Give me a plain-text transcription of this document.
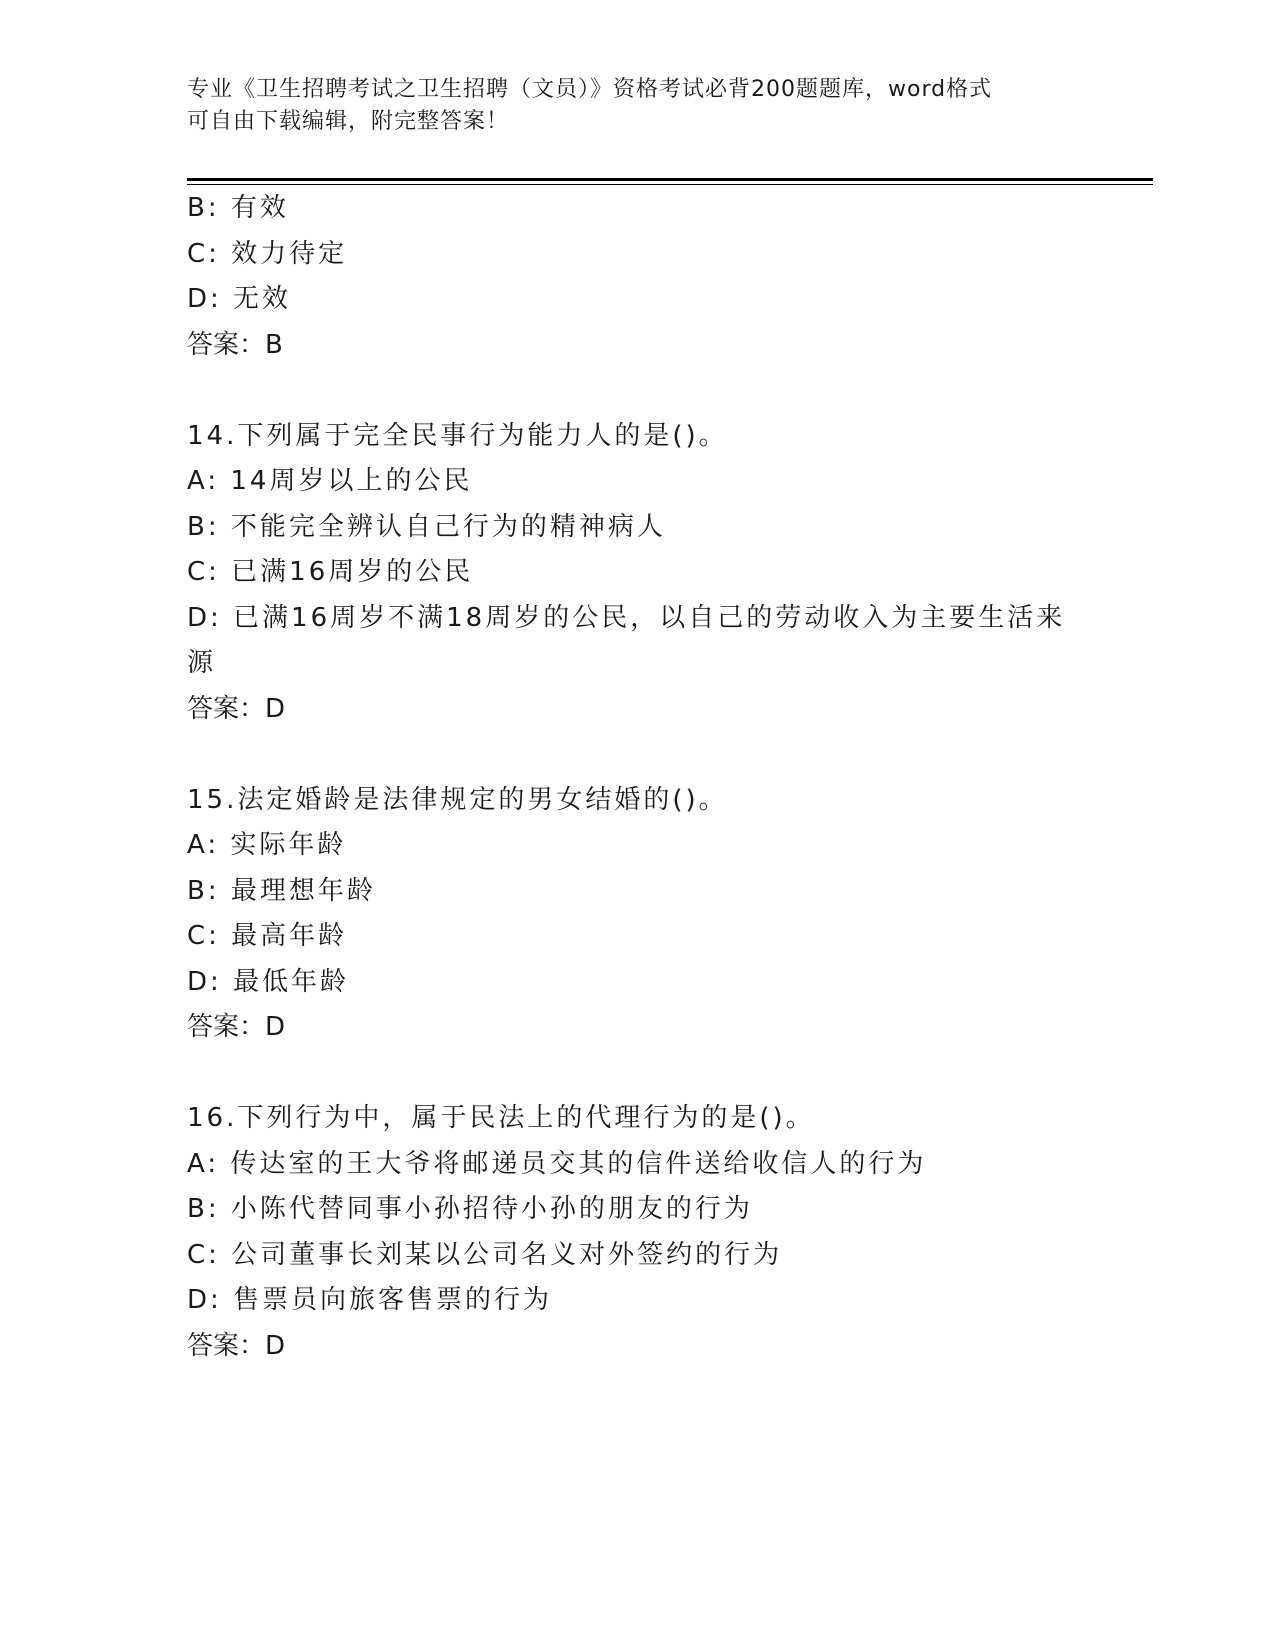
专业《卫生招聘考试之卫生招聘（文员）》资格考试必背200题题库，word格式
可自由下载编辑，附完整答案！
B: 有效
C: 效力待定
D: 无效
答案：B
14.下列属于完全民事行为能力人的是()。
A: 14周岁以上的公民
B: 不能完全辨认自己行为的精神病人
C: 已满16周岁的公民
D: 已满16周岁不满18周岁的公民，以自己的劳动收入为主要生活来
源
答案：D
15.法定婚龄是法律规定的男女结婚的()。
A: 实际年龄
B: 最理想年龄
C: 最高年龄
D: 最低年龄
答案：D
16.下列行为中，属于民法上的代理行为的是()。
A: 传达室的王大爷将邮递员交其的信件送给收信人的行为
B: 小陈代替同事小孙招待小孙的朋友的行为
C: 公司董事长刘某以公司名义对外签约的行为
D: 售票员向旅客售票的行为
答案：D
